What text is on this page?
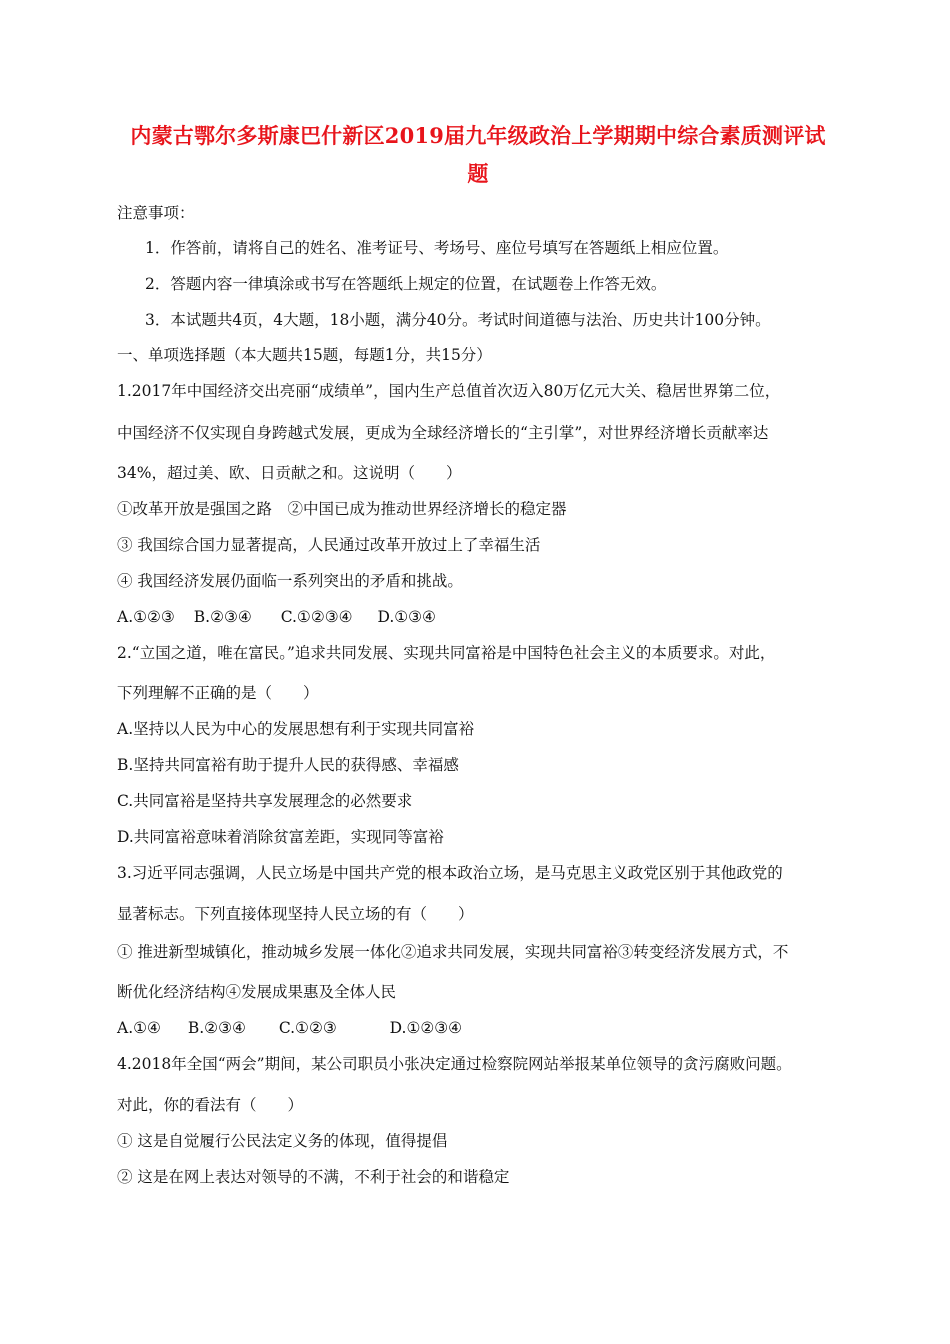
内蒙古鄂尔多斯康巴什新区2019届九年级政治上学期期中综合素质测评试
题
注意事项：
1．作答前，请将自己的姓名、准考证号、考场号、座位号填写在答题纸上相应位置。
2．答题内容一律填涂或书写在答题纸上规定的位置，在试题卷上作答无效。
3．本试题共4页，4大题，18小题，满分40分。考试时间道德与法治、历史共计100分钟。
一、单项选择题（本大题共15题，每题1分，共15分）
1.2017年中国经济交出亮丽“成绩单”，国内生产总值首次迈入80万亿元大关、稳居世界第二位，
中国经济不仅实现自身跨越式发展，更成为全球经济增长的“主引掌”，对世界经济增长贡献率达
34%，超过美、欧、日贡献之和。这说明（　　）
①改革开放是强国之路　②中国已成为推动世界经济增长的稳定器
③ 我国综合国力显著提高，人民通过改革开放过上了幸福生活
④ 我国经济发展仍面临一系列突出的矛盾和挑战。
A.①②③ B.②③④ C.①②③④ D.①③④
2.“立国之道，唯在富民。”追求共同发展、实现共同富裕是中国特色社会主义的本质要求。对此，
下列理解不正确的是（　　）
A.坚持以人民为中心的发展思想有利于实现共同富裕
B.坚持共同富裕有助于提升人民的获得感、幸福感
C.共同富裕是坚持共享发展理念的必然要求
D.共同富裕意味着消除贫富差距，实现同等富裕
3.习近平同志强调，人民立场是中国共产党的根本政治立场，是马克思主义政党区别于其他政党的
显著标志。下列直接体现坚持人民立场的有（　　）
① 推进新型城镇化，推动城乡发展一体化②追求共同发展，实现共同富裕③转变经济发展方式，不
断优化经济结构④发展成果惠及全体人民
A.①④ B.②③④ C.①②③	D.①②③④
4.2018年全国“两会”期间，某公司职员小张决定通过检察院网站举报某单位领导的贪污腐败问题。
对此，你的看法有（　　）
① 这是自觉履行公民法定义务的体现，值得提倡
② 这是在网上表达对领导的不满，不利于社会的和谐稳定
